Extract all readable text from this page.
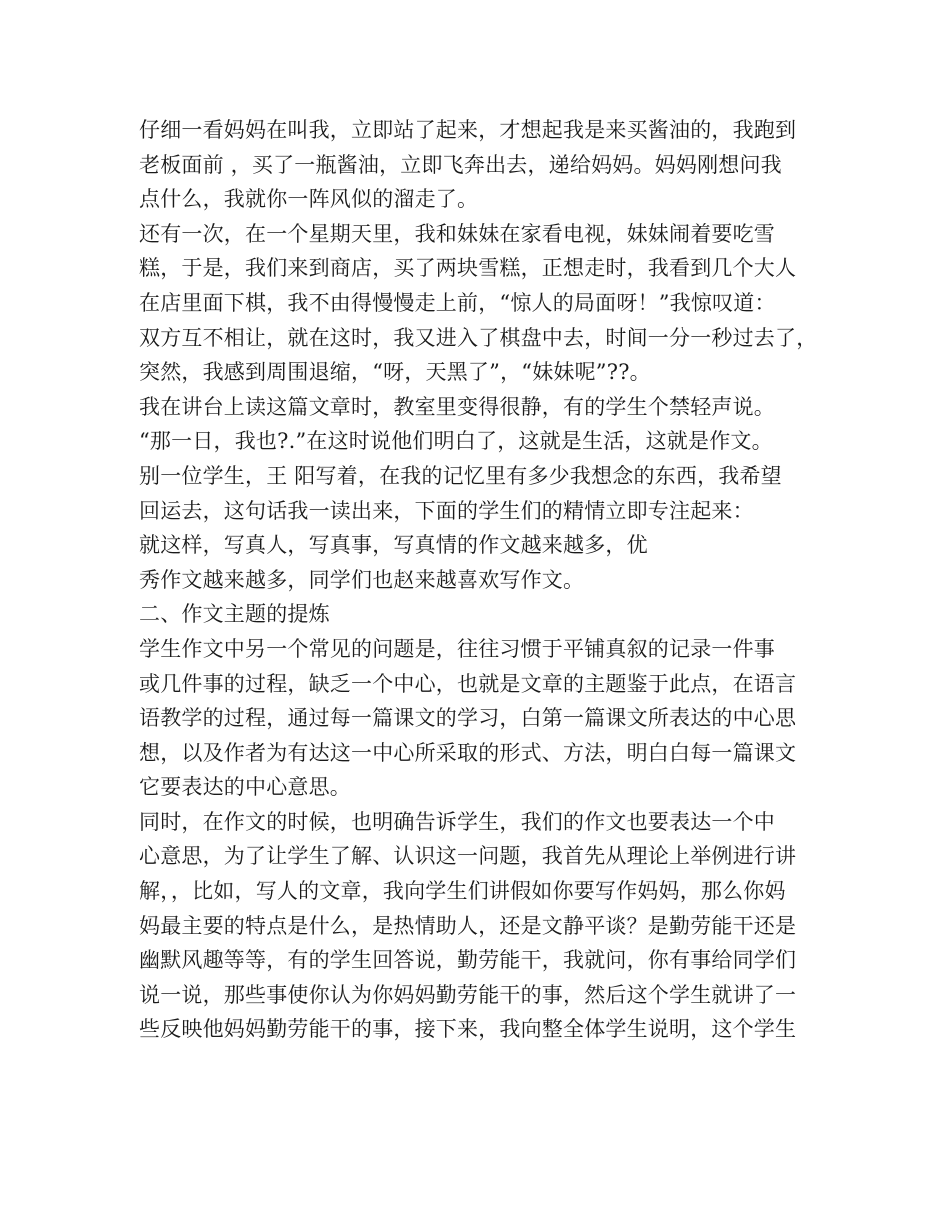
仔细一看妈妈在叫我，立即站了起来，才想起我是来买酱油的，我跑到
老板面前 ，买了一瓶酱油，立即飞奔出去，递给妈妈。妈妈刚想问我
点什么，我就你一阵风似的溜走了。
还有一次，在一个星期天里，我和妹妹在家看电视，妹妹闹着要吃雪
糕，于是，我们来到商店，买了两块雪糕，正想走时，我看到几个大人
在店里面下棋，我不由得慢慢走上前，“惊人的局面呀！”我惊叹道：
双方互不相让，就在这时，我又进入了棋盘中去，时间一分一秒过去了，
突然，我感到周围退缩，“呀，天黑了”，“妹妹呢”??。
我在讲台上读这篇文章时，教室里变得很静，有的学生个禁轻声说。
“那一日，我也?.”在这时说他们明白了，这就是生活，这就是作文。
别一位学生，王 阳写着，在我的记忆里有多少我想念的东西，我希望
回运去，这句话我一读出来，下面的学生们的精情立即专注起来：
就这样，写真人，写真事，写真情的作文越来越多，优
秀作文越来越多，同学们也赵来越喜欢写作文。
二、作文主题的提炼
学生作文中另一个常见的问题是，往往习惯于平铺真叙的记录一件事
或几件事的过程，缺乏一个中心，也就是文章的主题鉴于此点，在语言
语教学的过程，通过每一篇课文的学习，白第一篇课文所表达的中心思
想，以及作者为有达这一中心所采取的形式、方法，明白白每一篇课文
它要表达的中心意思。
同时，在作文的时候，也明确告诉学生，我们的作文也要表达一个中
心意思，为了让学生了解、认识这一问题，我首先从理论上举例进行讲
解，，比如，写人的文章，我向学生们讲假如你要写作妈妈，那么你妈
妈最主要的特点是什么，是热情助人，还是文静平谈？是勤劳能干还是
幽默风趣等等，有的学生回答说，勤劳能干，我就问，你有事给同学们
说一说，那些事使你认为你妈妈勤劳能干的事，然后这个学生就讲了一
些反映他妈妈勤劳能干的事，接下来，我向整全体学生说明，这个学生
